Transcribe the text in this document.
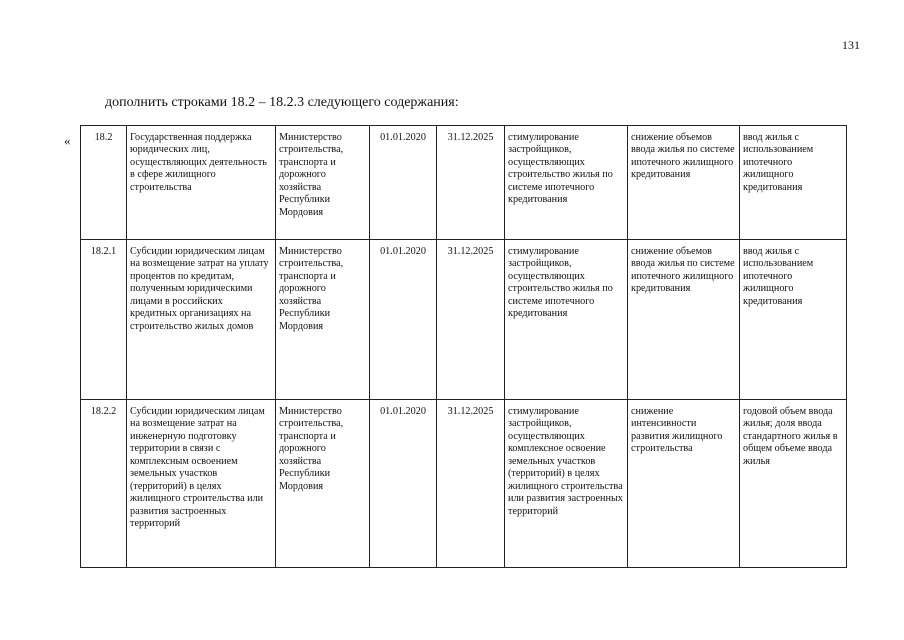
131
дополнить строками 18.2 – 18.2.3 следующего содержания:
« 18.2	Государственная поддержка юридических лиц, осуществляющих деятельность в сфере жилищного строительства	Министерство строительства, транспорта и дорожного хозяйства Республики Мордовия	01.01.2020	31.12.2025	стимулирование застройщиков, осуществляющих строительство жилья по системе ипотечного кредитования	снижение объемов ввода жилья по системе ипотечного жилищного кредитования	ввод жилья с использованием ипотечного жилищного кредитования
18.2.1	Субсидии юридическим лицам на возмещение затрат на уплату процентов по кредитам, полученным юридическими лицами в российских кредитных организациях на строительство жилых домов	Министерство строительства, транспорта и дорожного хозяйства Республики Мордовия	01.01.2020	31.12.2025	стимулирование застройщиков, осуществляющих строительство жилья по системе ипотечного кредитования	снижение объемов ввода жилья по системе ипотечного жилищного кредитования	ввод жилья с использованием ипотечного жилищного кредитования
18.2.2	Субсидии юридическим лицам на возмещение затрат на инженерную подготовку территории в связи с комплексным освоением земельных участков (территорий) в целях жилищного строительства или развития застроенных территорий	Министерство строительства, транспорта и дорожного хозяйства Республики Мордовия	01.01.2020	31.12.2025	стимулирование застройщиков, осуществляющих комплексное освоение земельных участков (территорий) в целях жилищного строительства или развития застроенных территорий	снижение интенсивности развития жилищного строительства	годовой объем ввода жилья; доля ввода стандартного жилья в общем объеме ввода жилья
